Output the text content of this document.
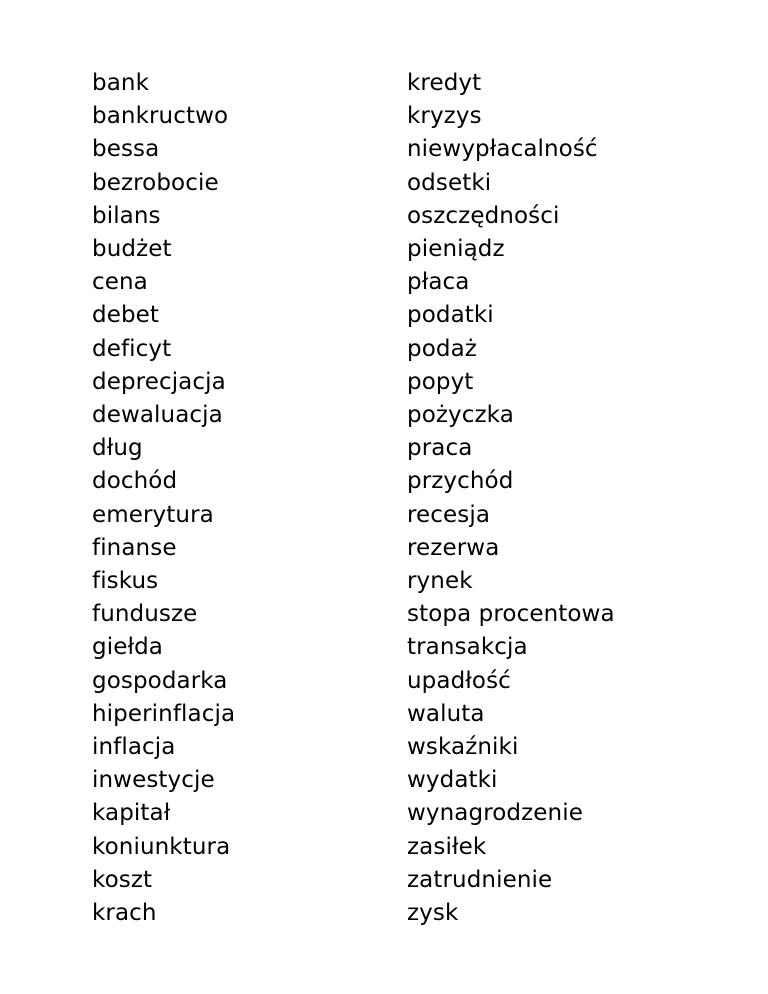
bank
bankructwo
bessa
bezrobocie
bilans
budżet
cena
debet
deficyt
deprecjacja
dewaluacja
dług
dochód
emerytura
finanse
fiskus
fundusze
giełda
gospodarka
hiperinflacja
inflacja
inwestycje
kapitał
koniunktura
koszt
krach
kredyt
kryzys
niewypłacalność
odsetki
oszczędności
pieniądz
płaca
podatki
podaż
popyt
pożyczka
praca
przychód
recesja
rezerwa
rynek
stopa procentowa
transakcja
upadłość
waluta
wskaźniki
wydatki
wynagrodzenie
zasiłek
zatrudnienie
zysk
